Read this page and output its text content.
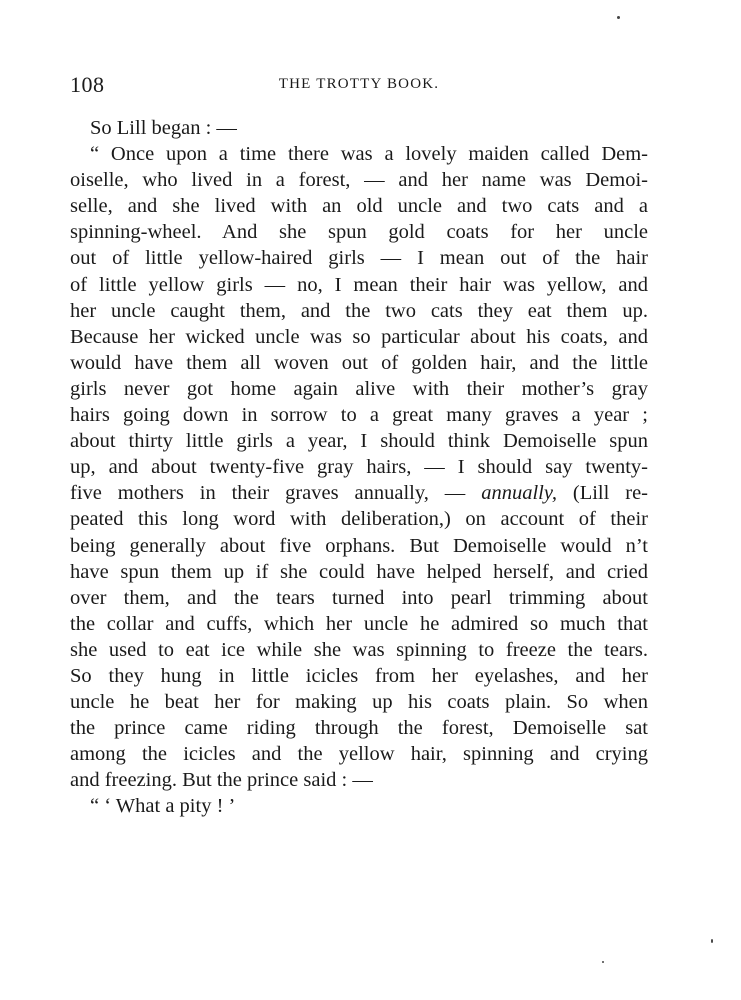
108	THE TROTTY BOOK.
So Lill began : —
“ Once upon a time there was a lovely maiden called Dem-
oiselle, who lived in a forest, — and her name was Demoi-
selle, and she lived with an old uncle and two cats and a
spinning-wheel. And she spun gold coats for her uncle
out of little yellow-haired girls — I mean out of the hair
of little yellow girls — no, I mean their hair was yellow, and
her uncle caught them, and the two cats they eat them up.
Because her wicked uncle was so particular about his coats, and
would have them all woven out of golden hair, and the little
girls never got home again alive with their mother’s gray
hairs going down in sorrow to a great many graves a year ;
about thirty little girls a year, I should think Demoiselle spun
up, and about twenty-five gray hairs, — I should say twenty-
five mothers in their graves annually, — annually, (Lill re-
peated this long word with deliberation,) on account of their
being generally about five orphans. But Demoiselle would n’t
have spun them up if she could have helped herself, and cried
over them, and the tears turned into pearl trimming about
the collar and cuffs, which her uncle he admired so much that
she used to eat ice while she was spinning to freeze the tears.
So they hung in little icicles from her eyelashes, and her
uncle he beat her for making up his coats plain. So when
the prince came riding through the forest, Demoiselle sat
among the icicles and the yellow hair, spinning and crying
and freezing. But the prince said : —
“ ‘ What a pity ! ’
